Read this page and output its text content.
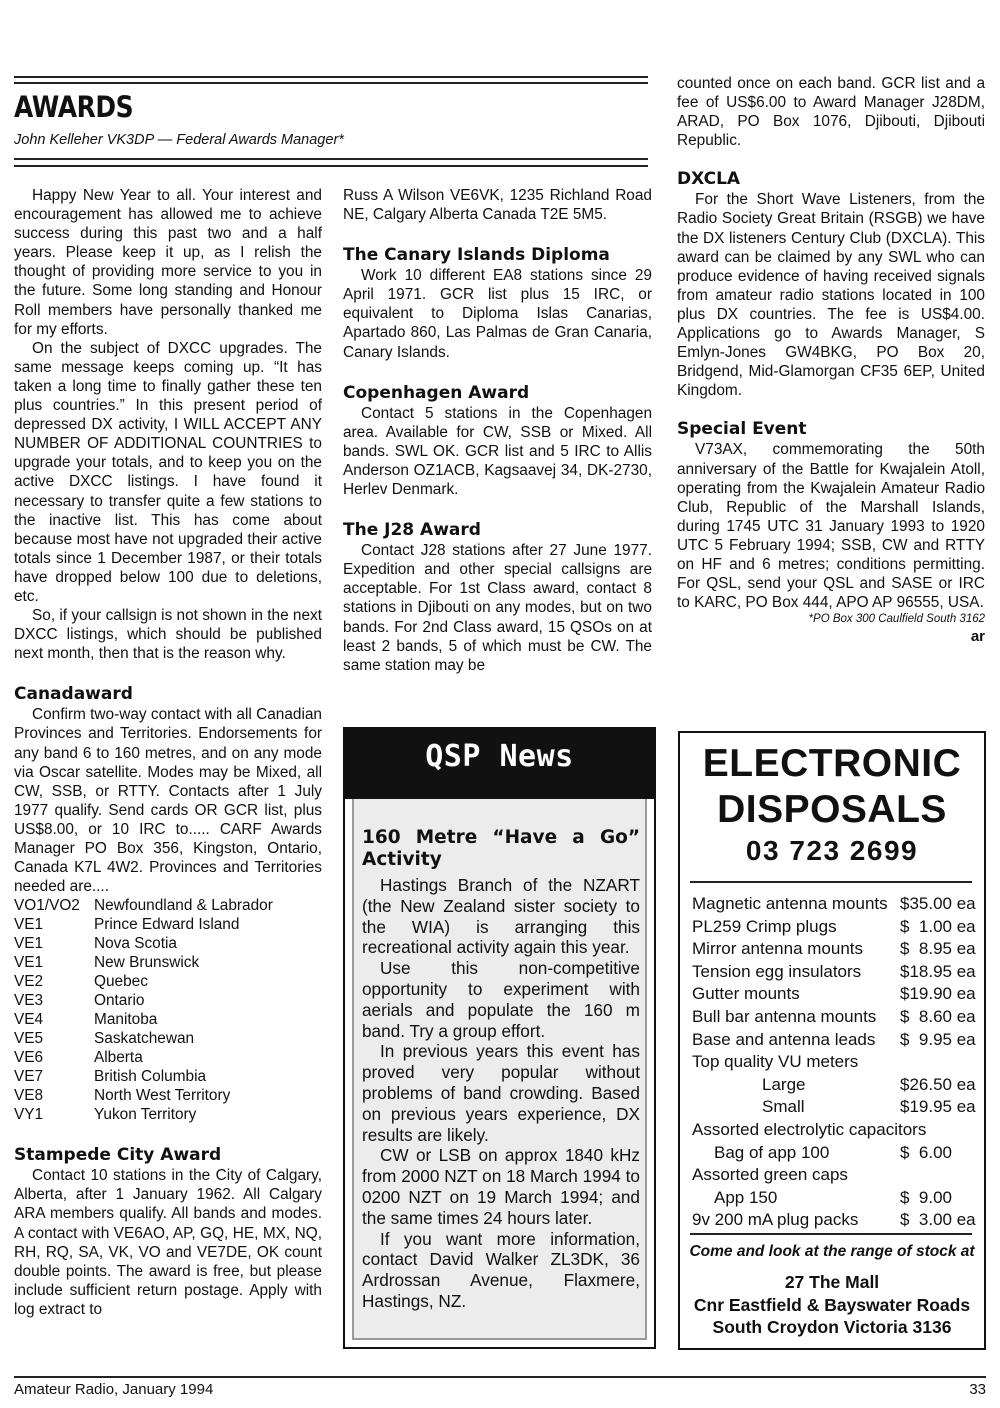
AWARDS
John Kelleher VK3DP — Federal Awards Manager*

Happy New Year to all. Your interest and encouragement has allowed me to achieve success during this past two and a half years. Please keep it up, as I relish the thought of providing more service to you in the future. Some long standing and Honour Roll members have personally thanked me for my efforts.

On the subject of DXCC upgrades. The same message keeps coming up. “It has taken a long time to finally gather these ten plus countries.” In this present period of depressed DX activity, I WILL ACCEPT ANY NUMBER OF ADDITIONAL COUNTRIES to upgrade your totals, and to keep you on the active DXCC listings. I have found it necessary to transfer quite a few stations to the inactive list. This has come about because most have not upgraded their active totals since 1 December 1987, or their totals have dropped below 100 due to deletions, etc.

So, if your callsign is not shown in the next DXCC listings, which should be published next month, then that is the reason why.

Canadaward

Confirm two-way contact with all Canadian Provinces and Territories. Endorsements for any band 6 to 160 metres, and on any mode via Oscar satellite. Modes may be Mixed, all CW, SSB, or RTTY. Contacts after 1 July 1977 qualify. Send cards OR GCR list, plus US$8.00, or 10 IRC to..... CARF Awards Manager PO Box 356, Kingston, Ontario, Canada K7L 4W2. Provinces and Territories needed are....

VO1/VO2	Newfoundland & Labrador
VE1	Prince Edward Island
VE1	Nova Scotia
VE1	New Brunswick
VE2	Quebec
VE3	Ontario
VE4	Manitoba
VE5	Saskatchewan
VE6	Alberta
VE7	British Columbia
VE8	North West Territory
VY1	Yukon Territory
Stampede City Award

Contact 10 stations in the City of Calgary, Alberta, after 1 January 1962. All Calgary ARA members qualify. All bands and modes. A contact with VE6AO, AP, GQ, HE, MX, NQ, RH, RQ, SA, VK, VO and VE7DE, OK count double points. The award is free, but please include sufficient return postage. Apply with log extract to

Russ A Wilson VE6VK, 1235 Richland Road NE, Calgary Alberta Canada T2E 5M5.

The Canary Islands Diploma

Work 10 different EA8 stations since 29 April 1971. GCR list plus 15 IRC, or equivalent to Diploma Islas Canarias, Apartado 860, Las Palmas de Gran Canaria, Canary Islands.

Copenhagen Award

Contact 5 stations in the Copenhagen area. Available for CW, SSB or Mixed. All bands. SWL OK. GCR list and 5 IRC to Allis Anderson OZ1ACB, Kagsaavej 34, DK-2730, Herlev Denmark.

The J28 Award

Contact J28 stations after 27 June 1977. Expedition and other special callsigns are acceptable. For 1st Class award, contact 8 stations in Djibouti on any modes, but on two bands. For 2nd Class award, 15 QSOs on at least 2 bands, 5 of which must be CW. The same station may be

counted once on each band. GCR list and a fee of US$6.00 to Award Manager J28DM, ARAD, PO Box 1076, Djibouti, Djibouti Republic.

DXCLA

For the Short Wave Listeners, from the Radio Society Great Britain (RSGB) we have the DX listeners Century Club (DXCLA). This award can be claimed by any SWL who can produce evidence of having received signals from amateur radio stations located in 100 plus DX countries. The fee is US$4.00. Applications go to Awards Manager, S Emlyn-Jones GW4BKG, PO Box 20, Bridgend, Mid-Glamorgan CF35 6EP, United Kingdom.

Special Event

V73AX, commemorating the 50th anniversary of the Battle for Kwajalein Atoll, operating from the Kwajalein Amateur Radio Club, Republic of the Marshall Islands, during 1745 UTC 31 January 1993 to 1920 UTC 5 February 1994; SSB, CW and RTTY on HF and 6 metres; conditions permitting. For QSL, send your QSL and SASE or IRC to KARC, PO Box 444, APO AP 96555, USA.

*PO Box 300 Caulfield South 3162
ar
QSP News
160 Metre “Have a Go” Activity

Hastings Branch of the NZART (the New Zealand sister society to the WIA) is arranging this recreational activity again this year.

Use this non-competitive opportunity to experiment with aerials and populate the 160 m band. Try a group effort.

In previous years this event has proved very popular without problems of band crowding. Based on previous years experience, DX results are likely.

CW or LSB on approx 1840 kHz from 2000 NZT on 18 March 1994 to 0200 NZT on 19 March 1994; and the same times 24 hours later.

If you want more information, contact David Walker ZL3DK, 36 Ardrossan Avenue, Flaxmere, Hastings, NZ.

ELECTRONIC
DISPOSALS
03 723 2699
Magnetic antenna mounts $35.00 ea
PL259 Crimp plugs	$  1.00 ea
Mirror antenna mounts $  8.95 ea
Tension egg insulators $18.95 ea
Gutter mounts	$19.90 ea
Bull bar antenna mounts $  8.60 ea
Base and antenna leads $  9.95 ea
Top quality VU meters
Large	$26.50 ea
Small	$19.95 ea
Assorted electrolytic capacitors
Bag of app 100	$  6.00
Assorted green caps
App 150	$  9.00
9v 200 mA plug packs $  3.00 ea
Come and look at the range of stock at
27 The Mall
Cnr Eastfield & Bayswater Roads
South Croydon Victoria 3136
Amateur Radio, January 1994	33
